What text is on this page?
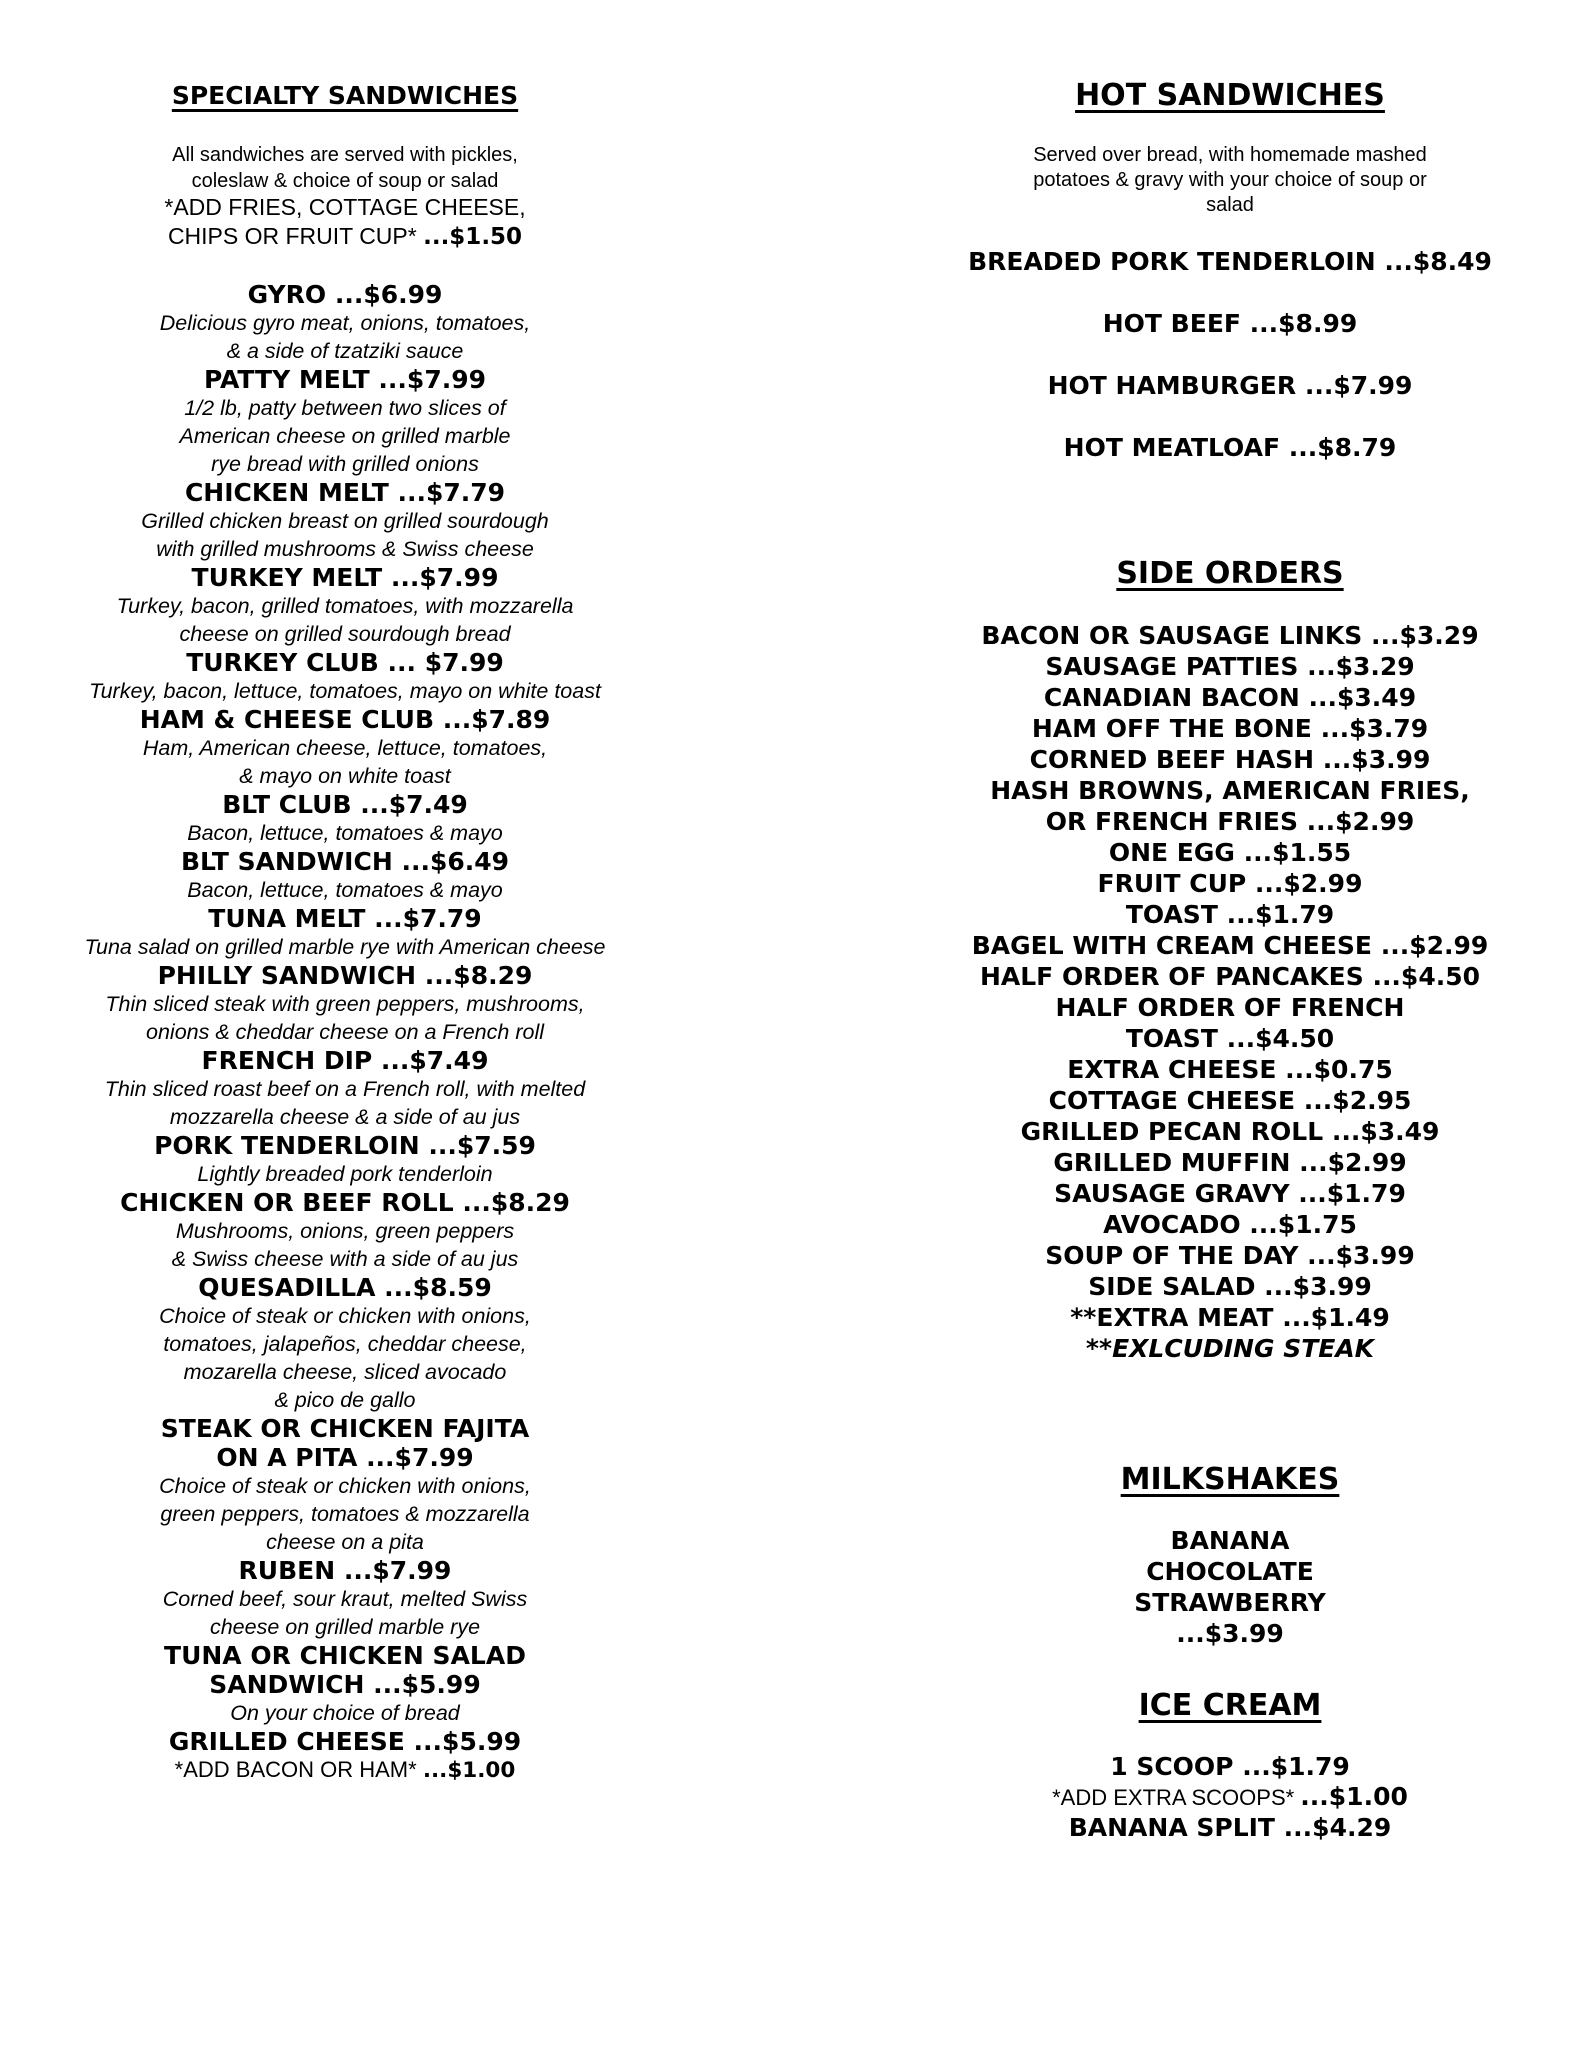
SPECIALTY SANDWICHES
All sandwiches are served with pickles, coleslaw & choice of soup or salad
*ADD FRIES, COTTAGE CHEESE,
CHIPS OR FRUIT CUP* ...$1.50
GYRO ...$6.99
Delicious gyro meat, onions, tomatoes,
& a side of tzatziki sauce
PATTY MELT ...$7.99
1/2 lb, patty between two slices of
American cheese on grilled marble
rye bread with grilled onions
CHICKEN MELT ...$7.79
Grilled chicken breast on grilled sourdough
with grilled mushrooms & Swiss cheese
TURKEY MELT ...$7.99
Turkey, bacon, grilled tomatoes, with mozzarella
cheese on grilled sourdough bread
TURKEY CLUB ... $7.99
Turkey, bacon, lettuce, tomatoes, mayo on white toast
HAM & CHEESE CLUB ...$7.89
Ham, American cheese, lettuce, tomatoes,
& mayo on white toast
BLT CLUB ...$7.49
Bacon, lettuce, tomatoes & mayo
BLT SANDWICH ...$6.49
Bacon, lettuce, tomatoes & mayo
TUNA MELT ...$7.79
Tuna salad on grilled marble rye with American cheese
PHILLY SANDWICH ...$8.29
Thin sliced steak with green peppers, mushrooms,
onions & cheddar cheese on a French roll
FRENCH DIP ...$7.49
Thin sliced roast beef on a French roll, with melted
mozzarella cheese & a side of au jus
PORK TENDERLOIN ...$7.59
Lightly breaded pork tenderloin
CHICKEN OR BEEF ROLL ...$8.29
Mushrooms, onions, green peppers
& Swiss cheese with a side of au jus
QUESADILLA ...$8.59
Choice of steak or chicken with onions,
tomatoes, jalapeños, cheddar cheese,
mozarella cheese, sliced avocado
& pico de gallo
STEAK OR CHICKEN FAJITA
ON A PITA ...$7.99
Choice of steak or chicken with onions,
green peppers, tomatoes & mozzarella
cheese on a pita
RUBEN ...$7.99
Corned beef, sour kraut, melted Swiss
cheese on grilled marble rye
TUNA OR CHICKEN SALAD
SANDWICH ...$5.99
On your choice of bread
GRILLED CHEESE ...$5.99
*ADD BACON OR HAM* ...$1.00
HOT SANDWICHES
Served over bread, with homemade mashed potatoes & gravy with your choice of soup or salad
BREADED PORK TENDERLOIN ...$8.49
HOT BEEF ...$8.99
HOT HAMBURGER ...$7.99
HOT MEATLOAF ...$8.79
SIDE ORDERS
BACON OR SAUSAGE LINKS ...$3.29
SAUSAGE PATTIES ...$3.29
CANADIAN BACON ...$3.49
HAM OFF THE BONE ...$3.79
CORNED BEEF HASH ...$3.99
HASH BROWNS, AMERICAN FRIES,
OR FRENCH FRIES ...$2.99
ONE EGG ...$1.55
FRUIT CUP ...$2.99
TOAST ...$1.79
BAGEL WITH CREAM CHEESE ...$2.99
HALF ORDER OF PANCAKES ...$4.50
HALF ORDER OF FRENCH
TOAST ...$4.50
EXTRA CHEESE ...$0.75
COTTAGE CHEESE ...$2.95
GRILLED PECAN ROLL ...$3.49
GRILLED MUFFIN ...$2.99
SAUSAGE GRAVY ...$1.79
AVOCADO ...$1.75
SOUP OF THE DAY ...$3.99
SIDE SALAD ...$3.99
**EXTRA MEAT ...$1.49
**EXLCUDING STEAK
MILKSHAKES
BANANA
CHOCOLATE
STRAWBERRY
...$3.99
ICE CREAM
1 SCOOP ...$1.79
*ADD EXTRA SCOOPS* ...$1.00
BANANA SPLIT ...$4.29
